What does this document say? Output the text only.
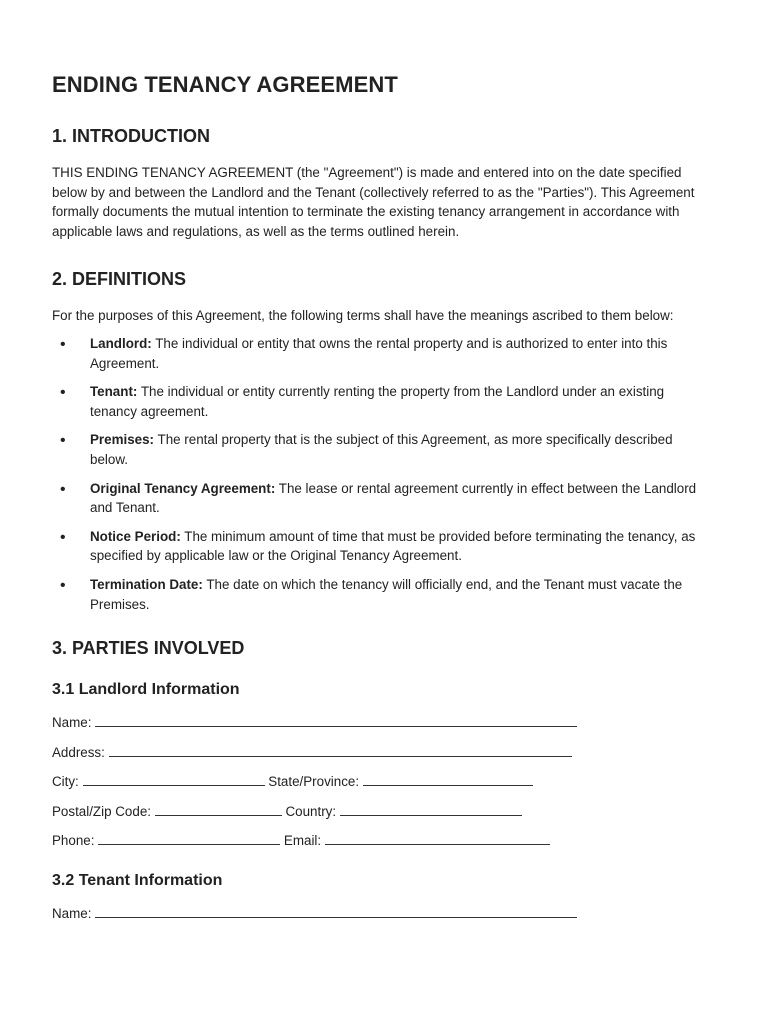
ENDING TENANCY AGREEMENT
1. INTRODUCTION

THIS ENDING TENANCY AGREEMENT (the "Agreement") is made and entered into on the date specified below by and between the Landlord and the Tenant (collectively referred to as the "Parties"). This Agreement formally documents the mutual intention to terminate the existing tenancy arrangement in accordance with applicable laws and regulations, as well as the terms outlined herein.

2. DEFINITIONS

For the purposes of this Agreement, the following terms shall have the meanings ascribed to them below:

• Landlord: The individual or entity that owns the rental property and is authorized to enter into this Agreement.
• Tenant: The individual or entity currently renting the property from the Landlord under an existing tenancy agreement.
• Premises: The rental property that is the subject of this Agreement, as more specifically described below.
• Original Tenancy Agreement: The lease or rental agreement currently in effect between the Landlord and Tenant.
• Notice Period: The minimum amount of time that must be provided before terminating the tenancy, as specified by applicable law or the Original Tenancy Agreement.
• Termination Date: The date on which the tenancy will officially end, and the Tenant must vacate the Premises.
3. PARTIES INVOLVED
3.1 Landlord Information
Name:
Address:
City:	State/Province:
Postal/Zip Code:	Country:
Phone:	Email:
3.2 Tenant Information
Name:
